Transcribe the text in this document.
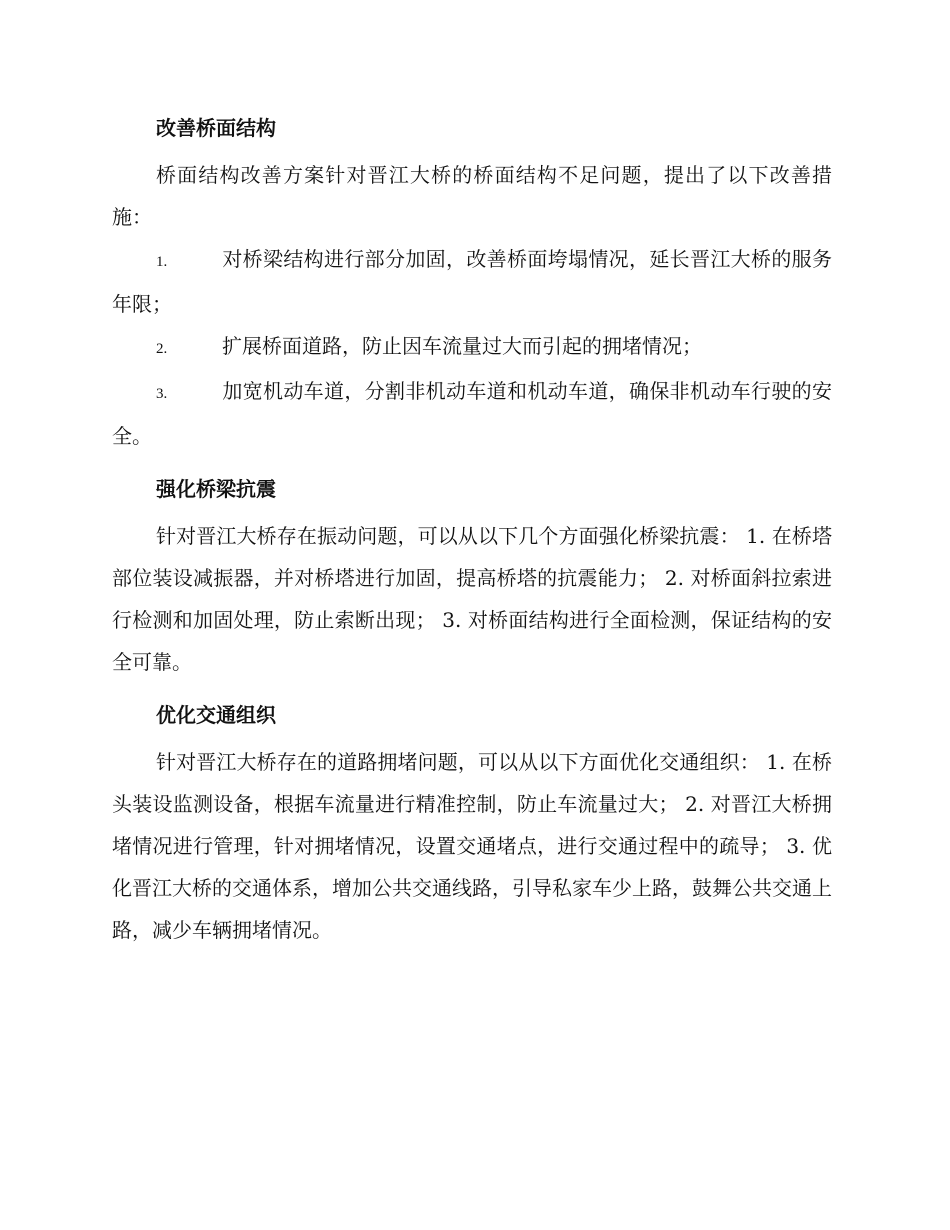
改善桥面结构

桥面结构改善方案针对晋江大桥的桥面结构不足问题，提出了以下改善措施：

1.	对桥梁结构进行部分加固，改善桥面垮塌情况，延长晋江大桥的服务年限；

2.	扩展桥面道路，防止因车流量过大而引起的拥堵情况；

3.	加宽机动车道，分割非机动车道和机动车道，确保非机动车行驶的安全。

强化桥梁抗震

针对晋江大桥存在振动问题，可以从以下几个方面强化桥梁抗震： 1. 在桥塔部位装设减振器，并对桥塔进行加固，提高桥塔的抗震能力； 2. 对桥面斜拉索进行检测和加固处理，防止索断出现； 3. 对桥面结构进行全面检测，保证结构的安全可靠。

优化交通组织

针对晋江大桥存在的道路拥堵问题，可以从以下方面优化交通组织： 1. 在桥头装设监测设备，根据车流量进行精准控制，防止车流量过大； 2. 对晋江大桥拥堵情况进行管理，针对拥堵情况，设置交通堵点，进行交通过程中的疏导； 3. 优化晋江大桥的交通体系，增加公共交通线路，引导私家车少上路，鼓舞公共交通上路，减少车辆拥堵情况。
